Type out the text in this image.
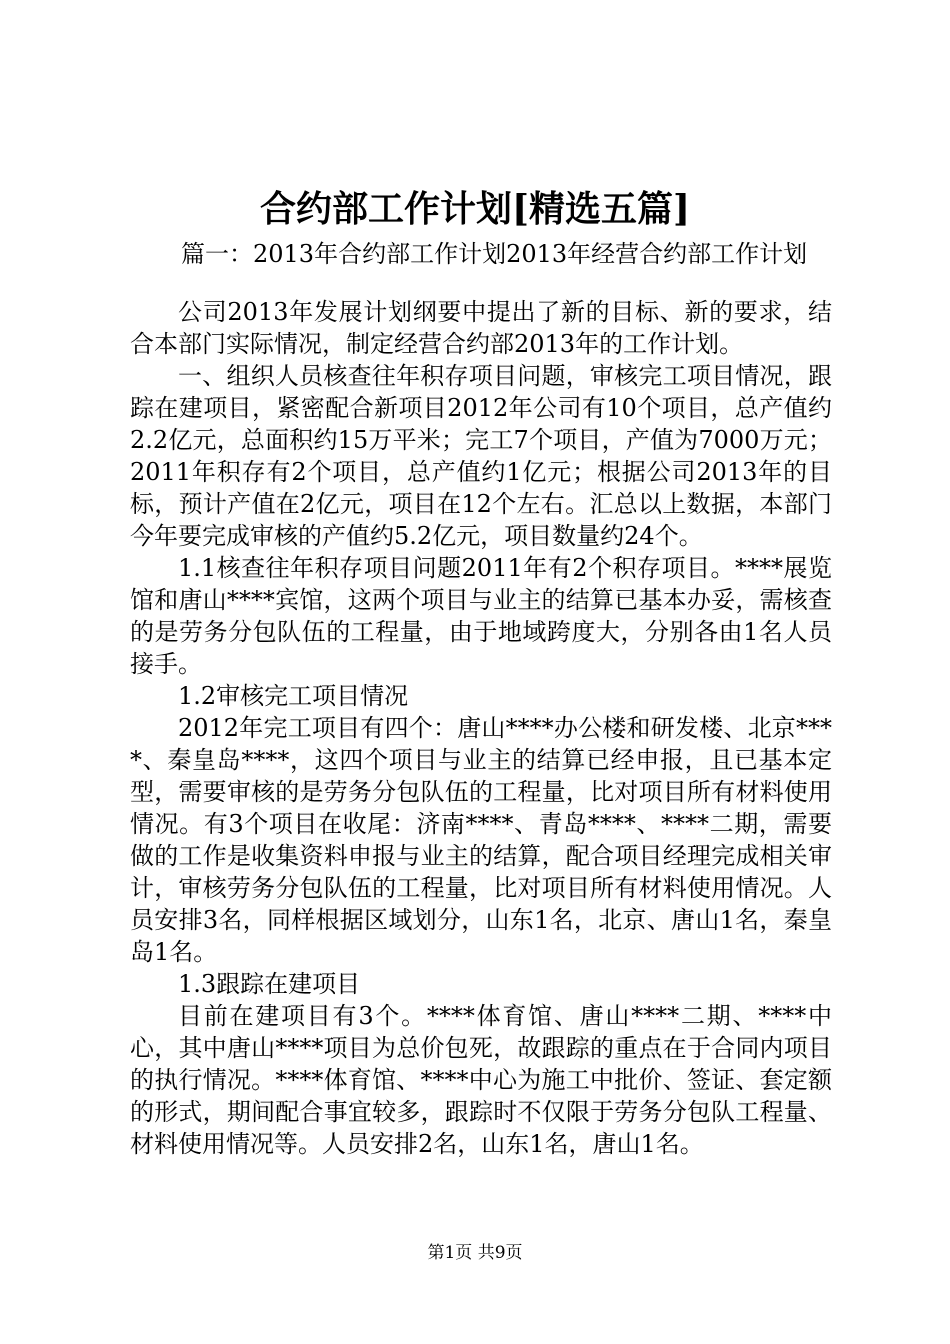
合约部工作计划[精选五篇]

篇一：2013年合约部工作计划2013年经营合约部工作计划

公司2013年发展计划纲要中提出了新的目标、新的要求，结合本部门实际情况，制定经营合约部2013年的工作计划。

一、组织人员核查往年积存项目问题，审核完工项目情况，跟踪在建项目，紧密配合新项目2012年公司有10个项目，总产值约2.2亿元，总面积约15万平米；完工7个项目，产值为7000万元；2011年积存有2个项目，总产值约1亿元；根据公司2013年的目标，预计产值在2亿元，项目在12个左右。汇总以上数据，本部门今年要完成审核的产值约5.2亿元，项目数量约24个。

1.1核查往年积存项目问题2011年有2个积存项目。****展览馆和唐山****宾馆，这两个项目与业主的结算已基本办妥，需核查的是劳务分包队伍的工程量，由于地域跨度大，分别各由1名人员接手。

1.2审核完工项目情况

2012年完工项目有四个：唐山****办公楼和研发楼、北京****、秦皇岛****，这四个项目与业主的结算已经申报，且已基本定型，需要审核的是劳务分包队伍的工程量，比对项目所有材料使用情况。有3个项目在收尾：济南****、青岛****、****二期，需要做的工作是收集资料申报与业主的结算，配合项目经理完成相关审计，审核劳务分包队伍的工程量，比对项目所有材料使用情况。人员安排3名，同样根据区域划分，山东1名，北京、唐山1名，秦皇岛1名。

1.3跟踪在建项目

目前在建项目有3个。****体育馆、唐山****二期、****中心，其中唐山****项目为总价包死，故跟踪的重点在于合同内项目的执行情况。****体育馆、****中心为施工中批价、签证、套定额的形式，期间配合事宜较多，跟踪时不仅限于劳务分包队工程量、材料使用情况等。人员安排2名，山东1名，唐山1名。

第1页 共9页
